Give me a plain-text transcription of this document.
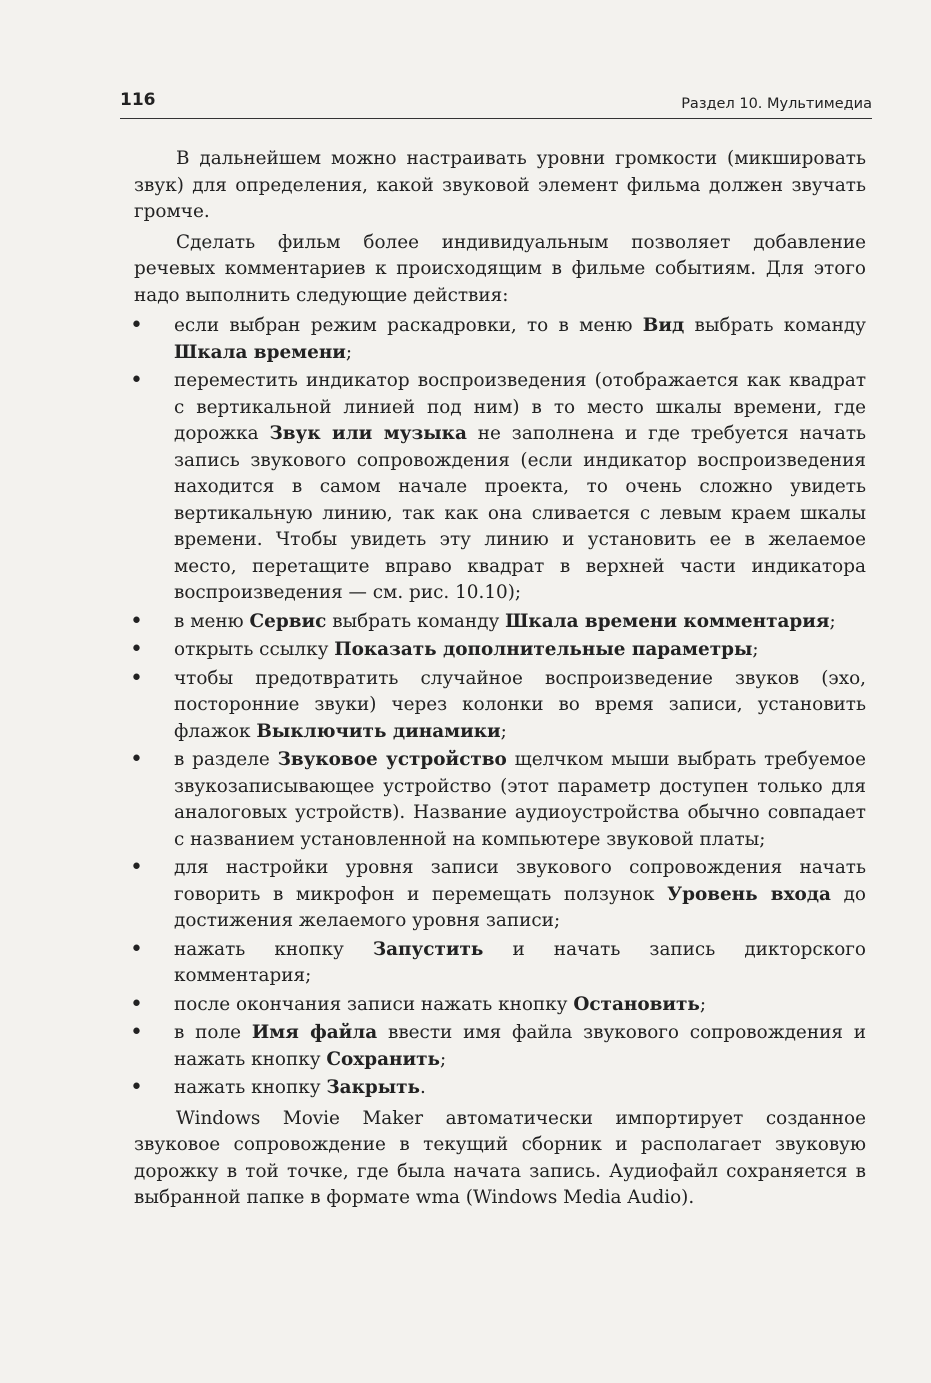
116	Раздел 10. Мультимедиа

В дальнейшем можно настраивать уровни громкости (микшировать звук) для определения, какой звуковой элемент фильма должен звучать громче.

Сделать фильм более индивидуальным позволяет добавление речевых комментариев к происходящим в фильме событиям. Для этого надо выполнить следующие действия:

• если выбран режим раскадровки, то в меню Вид выбрать команду Шкала времени;
• переместить индикатор воспроизведения (отображается как квадрат с вертикальной линией под ним) в то место шкалы времени, где дорожка Звук или музыка не заполнена и где требуется начать запись звукового сопровождения (если индикатор воспроизведения находится в самом начале проекта, то очень сложно увидеть вертикальную линию, так как она сливается с левым краем шкалы времени. Чтобы увидеть эту линию и установить ее в желаемое место, перетащите вправо квадрат в верхней части индикатора воспроизведения — см. рис. 10.10);
• в меню Сервис выбрать команду Шкала времени комментария;
• открыть ссылку Показать дополнительные параметры;
• чтобы предотвратить случайное воспроизведение звуков (эхо, посторонние звуки) через колонки во время записи, установить флажок Выключить динамики;
• в разделе Звуковое устройство щелчком мыши выбрать требуемое звукозаписывающее устройство (этот параметр доступен только для аналоговых устройств). Название аудиоустройства обычно совпадает с названием установленной на компьютере звуковой платы;
• для настройки уровня записи звукового сопровождения начать говорить в микрофон и перемещать ползунок Уровень входа до достижения желаемого уровня записи;
• нажать кнопку Запустить и начать запись дикторского комментария;
• после окончания записи нажать кнопку Остановить;
• в поле Имя файла ввести имя файла звукового сопровождения и нажать кнопку Сохранить;
• нажать кнопку Закрыть.

Windows Movie Maker автоматически импортирует созданное звуковое сопровождение в текущий сборник и располагает звуковую дорожку в той точке, где была начата запись. Аудиофайл сохраняется в выбранной папке в формате wma (Windows Media Audio).
